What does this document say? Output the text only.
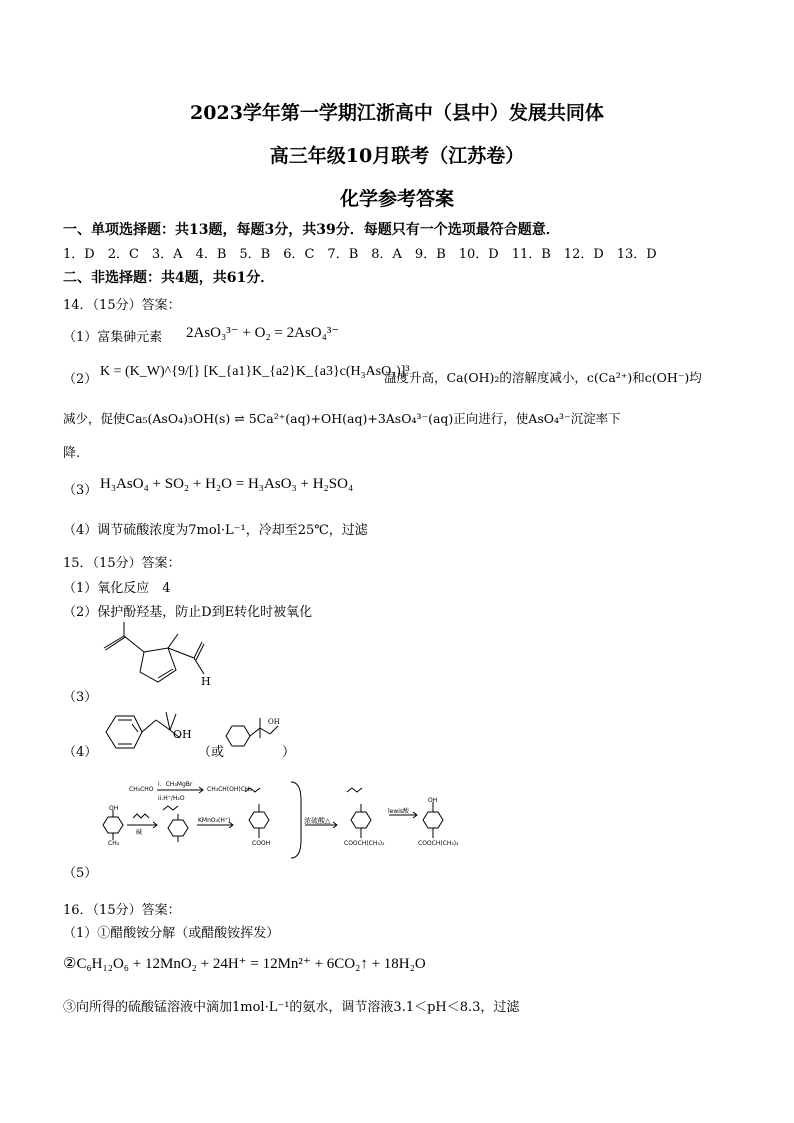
2023学年第一学期江浙高中（县中）发展共同体
高三年级10月联考（江苏卷）
化学参考答案
一、单项选择题：共13题，每题3分，共39分．每题只有一个选项最符合题意．
1．D　2．C　3．A　4．B　5．B　6．C　7．B　8．A　9．B　10．D　11．B　12．D　13．D
二、非选择题：共4题，共61分．
14．（15分）答案：
（1）富集砷元素 2AsO₃³⁻ + O₂ = 2AsO₄³⁻
（2）
K = (K_W)^{9/[} [K_{a1}K_{a2}K_{a3}c(H₃AsO₃)]³
温度升高，Ca(OH)₂的溶解度减小，c(Ca²⁺)和c(OH⁻)均
减少，促使Ca₅(AsO₄)₃OH(s) ⇌ 5Ca²⁺(aq)+OH(aq)+3AsO₄³⁻(aq)正向进行，使AsO₄³⁻沉淀率下
降.
（3） H₃AsO₄ + SO₂ + H₂O = H₃AsO₃ + H₂SO₄
（4）调节硫酸浓度为7mol·L⁻¹，冷却至25℃，过滤
15．（15分）答案：
（1）氧化反应　4
（2）保护酚羟基，防止D到E转化时被氧化
（3）
H
（4）
OH
（或
OH
）
（5）
CH₃CHO
i．CH₃MgBr
ii.H⁺/H₂O
CH₃CH(OH)CH₃
OH
CH₃
碱
KMnO₄(H⁺)
COOH
浓硫酸△
COOCH(CH₃)₂
lewis酸
COOCH(CH₃)₂
OH
16．（15分）答案：
（1）①醋酸铵分解（或醋酸铵挥发）
②C₆H₁₂O₆ + 12MnO₂ + 24H⁺ = 12Mn²⁺ + 6CO₂↑ + 18H₂O
③向所得的硫酸锰溶液中滴加1mol·L⁻¹的氨水，调节溶液3.1＜pH＜8.3，过滤
